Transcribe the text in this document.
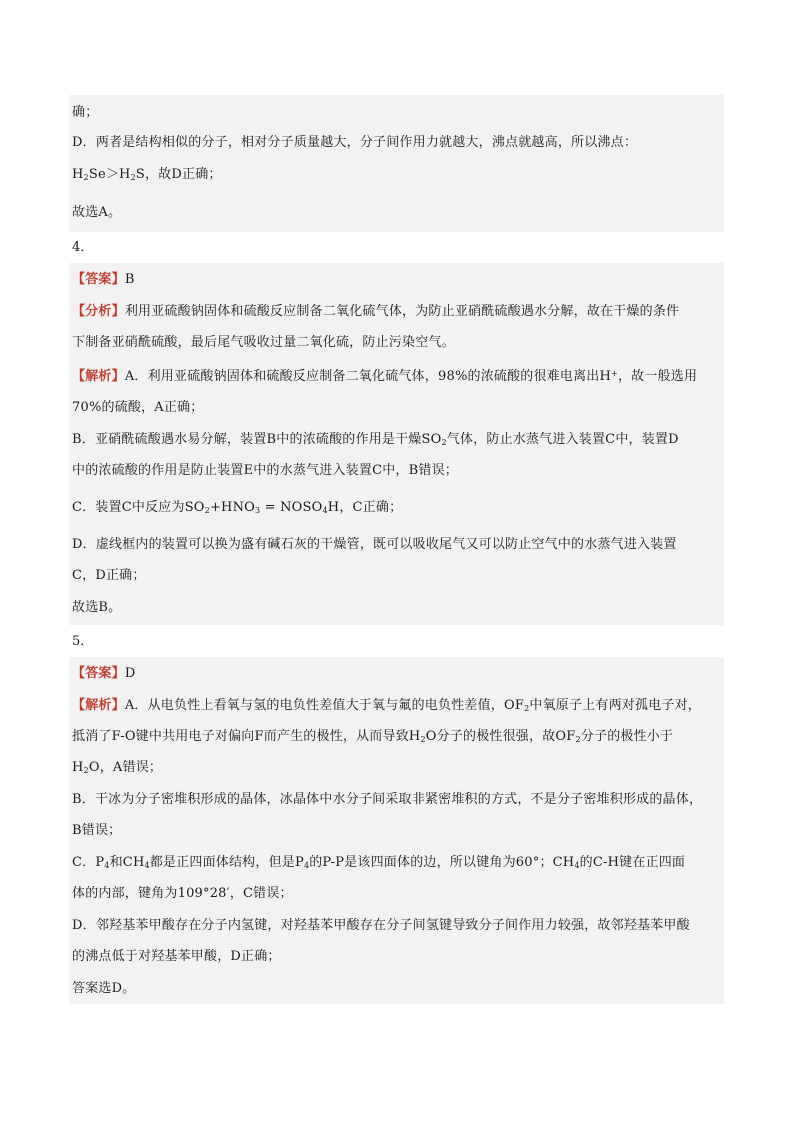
确；
D．两者是结构相似的分子，相对分子质量越大，分子间作用力就越大，沸点就越高，所以沸点：
$H_2Se>H_2S$，故D正确；
故选A。
4．
【答案】B
【分析】利用亚硫酸钠固体和硫酸反应制备二氧化硫气体，为防止亚硝酰硫酸遇水分解，故在干燥的条件
下制备亚硝酰硫酸，最后尾气吸收过量二氧化硫，防止污染空气。
【解析】A．利用亚硫酸钠固体和硫酸反应制备二氧化硫气体，98%的浓硫酸的很难电离出H+，故一般选用
70%的硫酸，A正确；
B．亚硝酰硫酸遇水易分解，装置B中的浓硫酸的作用是干燥$SO_2$气体，防止水蒸气进入装置C中，装置D
中的浓硫酸的作用是防止装置E中的水蒸气进入装置C中，B错误；
C．装置C中反应为$SO_2+HNO_3$ = $NOSO_4H$，C正确；
D．虚线框内的装置可以换为盛有碱石灰的干燥管，既可以吸收尾气又可以防止空气中的水蒸气进入装置
C，D正确；
故选B。
5．
【答案】D
【解析】A．从电负性上看氧与氢的电负性差值大于氧与氟的电负性差值，$OF_2$中氧原子上有两对孤电子对，
抵消了F-O键中共用电子对偏向F而产生的极性，从而导致$H_2O$分子的极性很强，故$OF_2$分子的极性小于
$H_2O$，A错误；
B．干冰为分子密堆积形成的晶体，冰晶体中水分子间采取非紧密堆积的方式，不是分子密堆积形成的晶体，
B错误；
C．$P_4$和$CH_4$都是正四面体结构，但是$P_4$的P-P是该四面体的边，所以键角为60°；$CH_4$的C-H键在正四面
体的内部，键角为109°28′，C错误；
D．邻羟基苯甲酸存在分子内氢键，对羟基苯甲酸存在分子间氢键导致分子间作用力较强，故邻羟基苯甲酸
的沸点低于对羟基苯甲酸，D正确；
答案选D。
